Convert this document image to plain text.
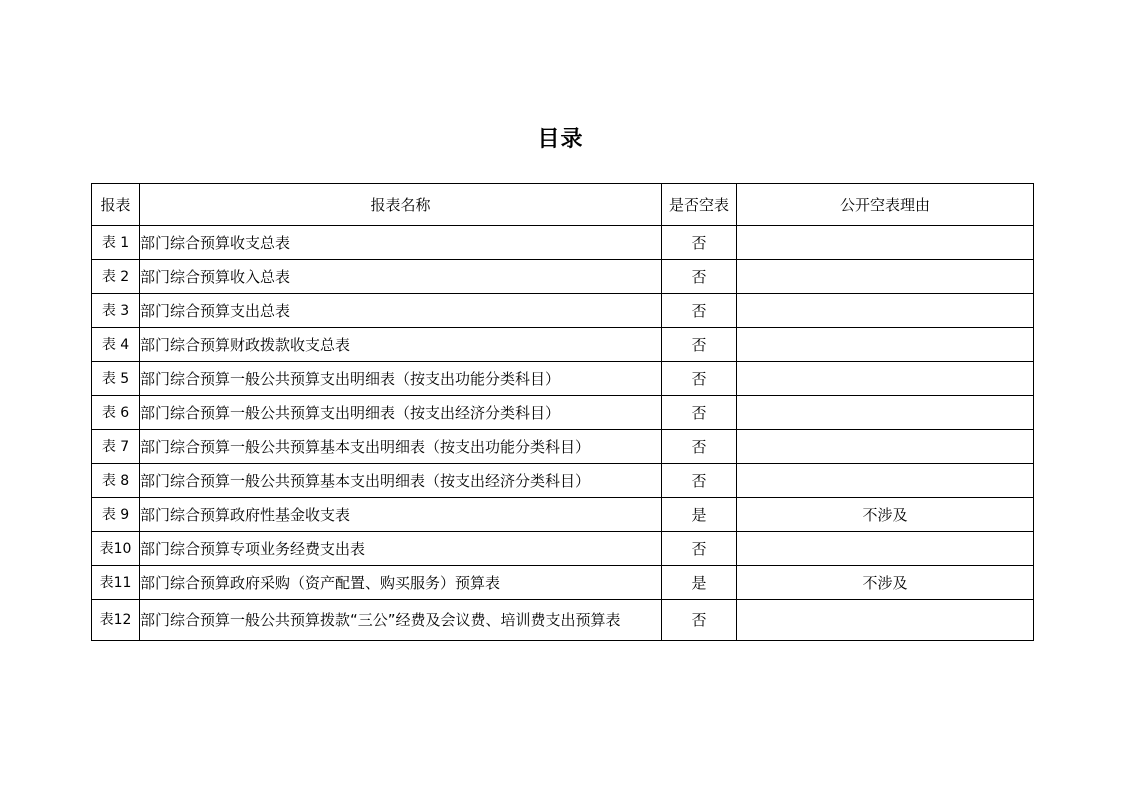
目录
报表	报表名称	是否空表	公开空表理由
表 1	部门综合预算收支总表	否	
表 2	部门综合预算收入总表	否	
表 3	部门综合预算支出总表	否	
表 4	部门综合预算财政拨款收支总表	否	
表 5	部门综合预算一般公共预算支出明细表（按支出功能分类科目）	否	
表 6	部门综合预算一般公共预算支出明细表（按支出经济分类科目）	否	
表 7	部门综合预算一般公共预算基本支出明细表（按支出功能分类科目）	否	
表 8	部门综合预算一般公共预算基本支出明细表（按支出经济分类科目）	否	
表 9	部门综合预算政府性基金收支表	是	不涉及
表10	部门综合预算专项业务经费支出表	否	
表11	部门综合预算政府采购（资产配置、购买服务）预算表	是	不涉及
表12	部门综合预算一般公共预算拨款“三公”经费及会议费、培训费支出预算表	否	
